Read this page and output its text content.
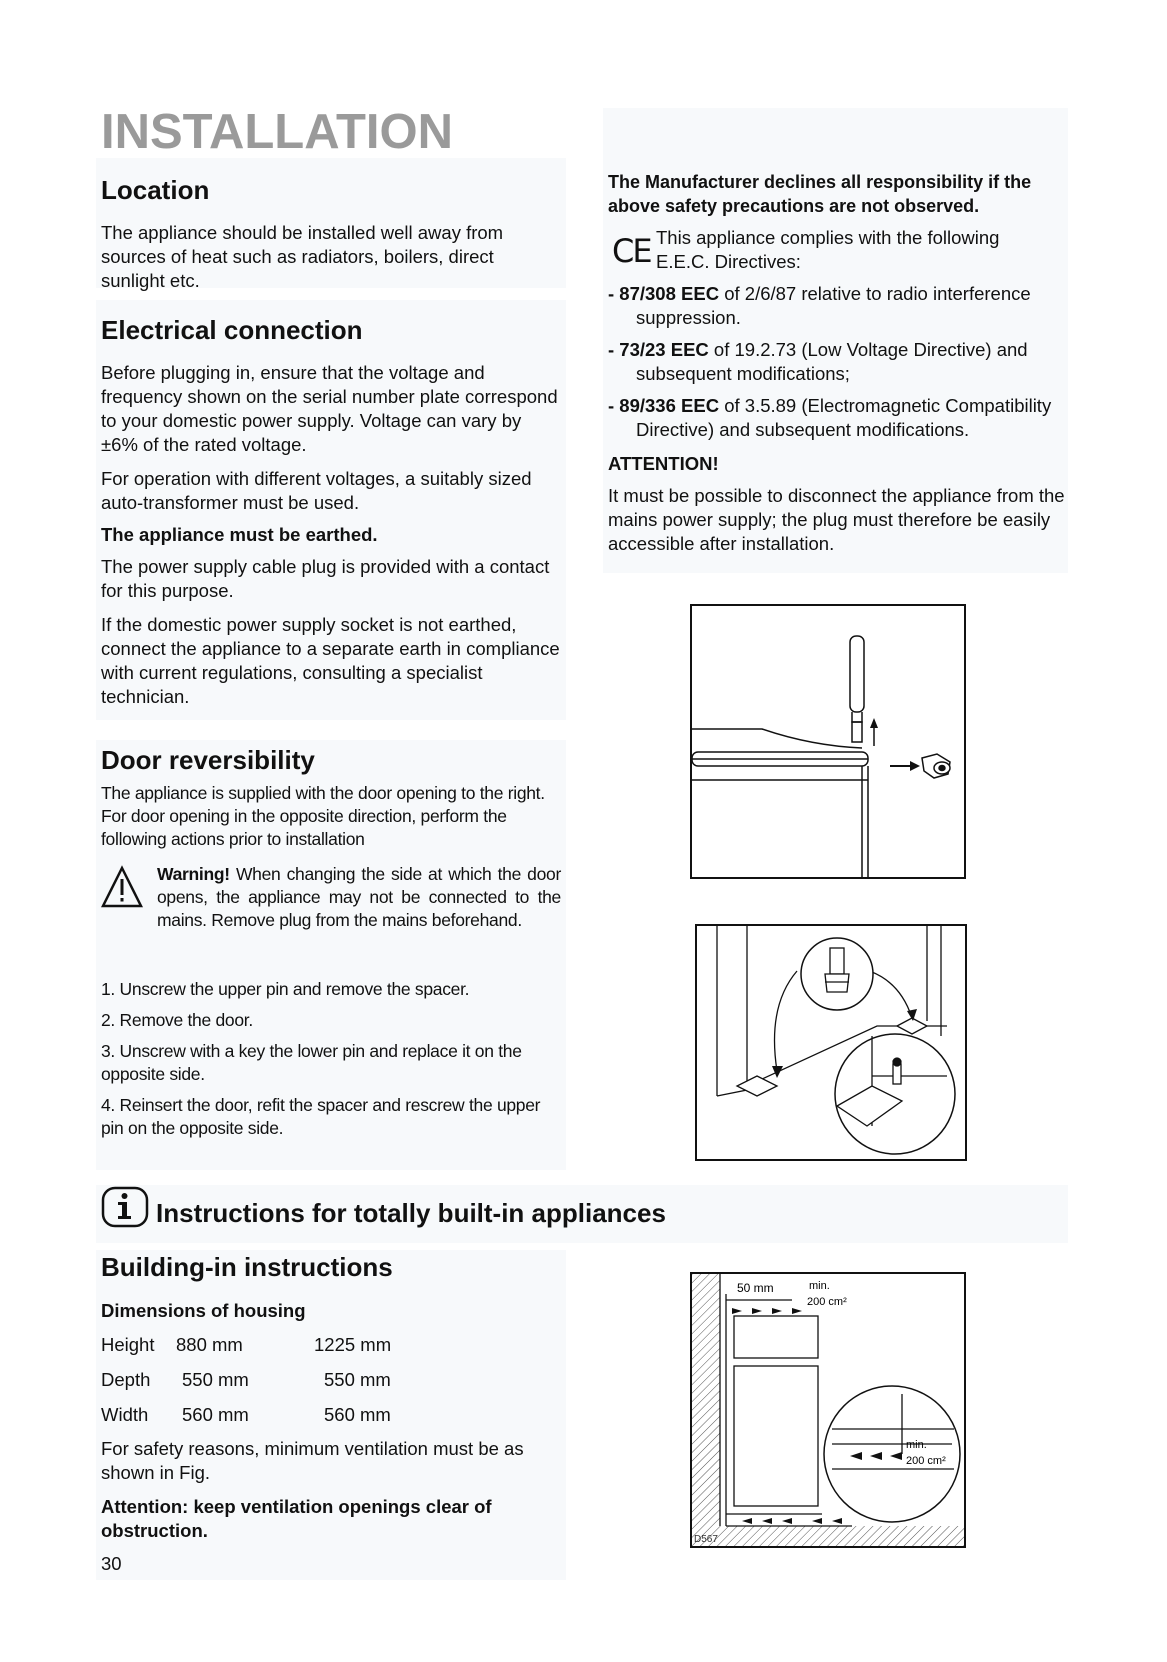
INSTALLATION
Location

The appliance should be installed well away from sources of heat such as radiators, boilers, direct sunlight etc.

Electrical connection

Before plugging in, ensure that the voltage and frequency shown on the serial number plate correspond to your domestic power supply. Voltage can vary by ±6% of the rated voltage.

For operation with different voltages, a suitably sized auto-transformer must be used.

The appliance must be earthed.

The power supply cable plug is provided with a contact for this purpose.

If the domestic power supply socket is not earthed, connect the appliance to a separate earth in compliance with current regulations, consulting a specialist technician.

Door reversibility

The appliance is supplied with the door opening to the right. For door opening in the opposite direction, perform the following actions prior to installation

Warning! When changing the side at which the door opens, the appliance may not be connected to the mains. Remove plug from the mains beforehand.

1. Unscrew the upper pin and remove the spacer.

2. Remove the door.

3. Unscrew with a key the lower pin and replace it on the opposite side.

4. Reinsert the door, refit the spacer and rescrew the upper pin on the opposite side.

The Manufacturer declines all responsibility if the above safety precautions are not observed.

CE This appliance complies with the following E.E.C. Directives:

- 87/308 EEC of 2/6/87 relative to radio interference suppression.

- 73/23 EEC of 19.2.73 (Low Voltage Directive) and subsequent modifications;

- 89/336 EEC of 3.5.89 (Electromagnetic Compatibility Directive) and subsequent modifications.

ATTENTION!

It must be possible to disconnect the appliance from the mains power supply; the plug must therefore be easily accessible after installation.

Instructions for totally built-in appliances
Building-in instructions

Dimensions of housing

Height	880 mm	1225 mm
Depth	550 mm	550 mm
Width	560 mm	560 mm

For safety reasons, minimum ventilation must be as shown in Fig.

Attention: keep ventilation openings clear of obstruction.

30

50 mm	min.
200 cm²
min.
200 cm²
D567
